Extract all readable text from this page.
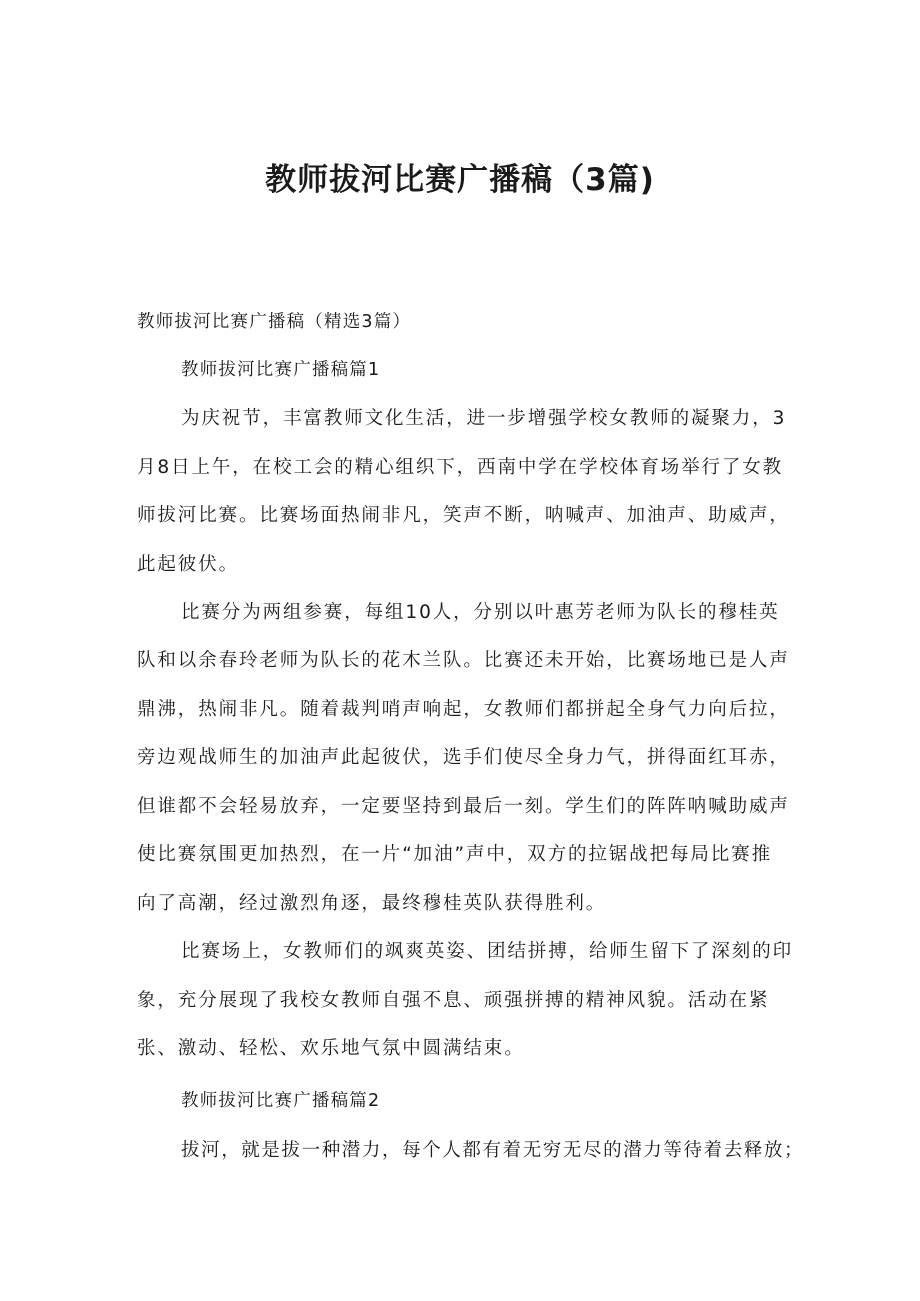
教师拔河比赛广播稿（3篇)
教师拔河比赛广播稿（精选3篇）
教师拔河比赛广播稿篇1
为庆祝节，丰富教师文化生活，进一步增强学校女教师的凝聚力，3
月8日上午，在校工会的精心组织下，西南中学在学校体育场举行了女教
师拔河比赛。比赛场面热闹非凡，笑声不断，呐喊声、加油声、助威声，
此起彼伏。
比赛分为两组参赛，每组10人，分别以叶惠芳老师为队长的穆桂英
队和以余春玲老师为队长的花木兰队。比赛还未开始，比赛场地已是人声
鼎沸，热闹非凡。随着裁判哨声响起，女教师们都拼起全身气力向后拉，
旁边观战师生的加油声此起彼伏，选手们使尽全身力气，拼得面红耳赤，
但谁都不会轻易放弃，一定要坚持到最后一刻。学生们的阵阵呐喊助威声
使比赛氛围更加热烈，在一片“加油”声中，双方的拉锯战把每局比赛推
向了高潮，经过激烈角逐，最终穆桂英队获得胜利。
比赛场上，女教师们的飒爽英姿、团结拼搏，给师生留下了深刻的印
象，充分展现了我校女教师自强不息、顽强拼搏的精神风貌。活动在紧
张、激动、轻松、欢乐地气氛中圆满结束。
教师拔河比赛广播稿篇2
拔河，就是拔一种潜力，每个人都有着无穷无尽的潜力等待着去释放；
